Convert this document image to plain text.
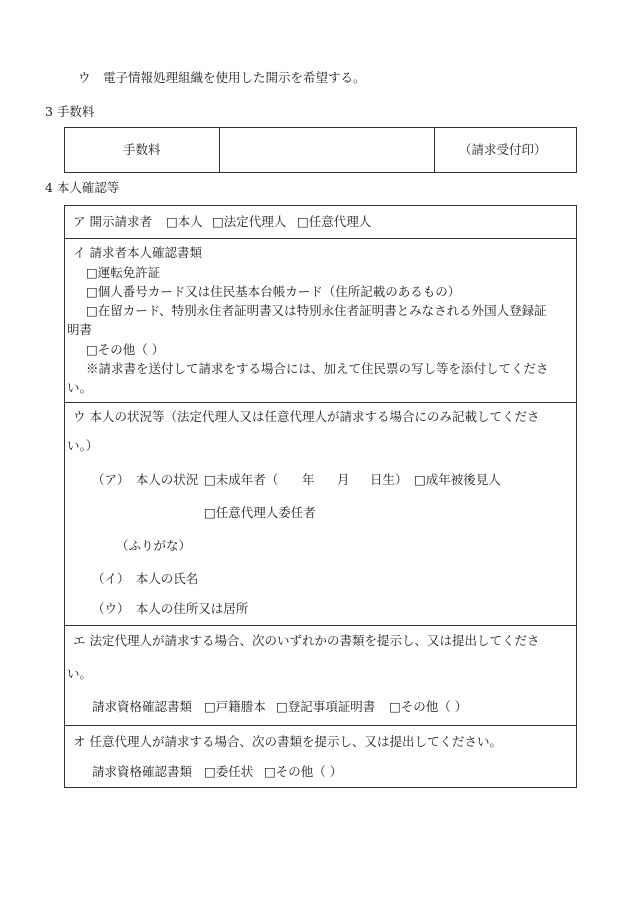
ウ　電子情報処理組織を使用した開示を希望する。
3 手数料
手数料	（請求受付印）
4 本人確認等
ア 開示請求者 □本人 □法定代理人 □任意代理人
イ 請求者本人確認書類
□運転免許証
□個人番号カード又は住民基本台帳カード（住所記載のあるもの）
□在留カード、特別永住者証明書又は特別永住者証明書とみなされる外国人登録証
明書
□その他（ ）
※請求書を送付して請求をする場合には、加えて住民票の写し等を添付してくださ
い。
ウ 本人の状況等（法定代理人又は任意代理人が請求する場合にのみ記載してくださ
い。）
（ア）　本人の状況 □未成年者（ 年 月 日生） □成年被後見人
□任意代理人委任者
（ふりがな）
（イ）　本人の氏名
（ウ）　本人の住所又は居所
エ 法定代理人が請求する場合、次のいずれかの書類を提示し、又は提出してくださ
い。
請求資格確認書類 □戸籍謄本 □登記事項証明書 □その他（ ）
オ 任意代理人が請求する場合、次の書類を提示し、又は提出してください。
請求資格確認書類 □委任状 □その他（ ）
